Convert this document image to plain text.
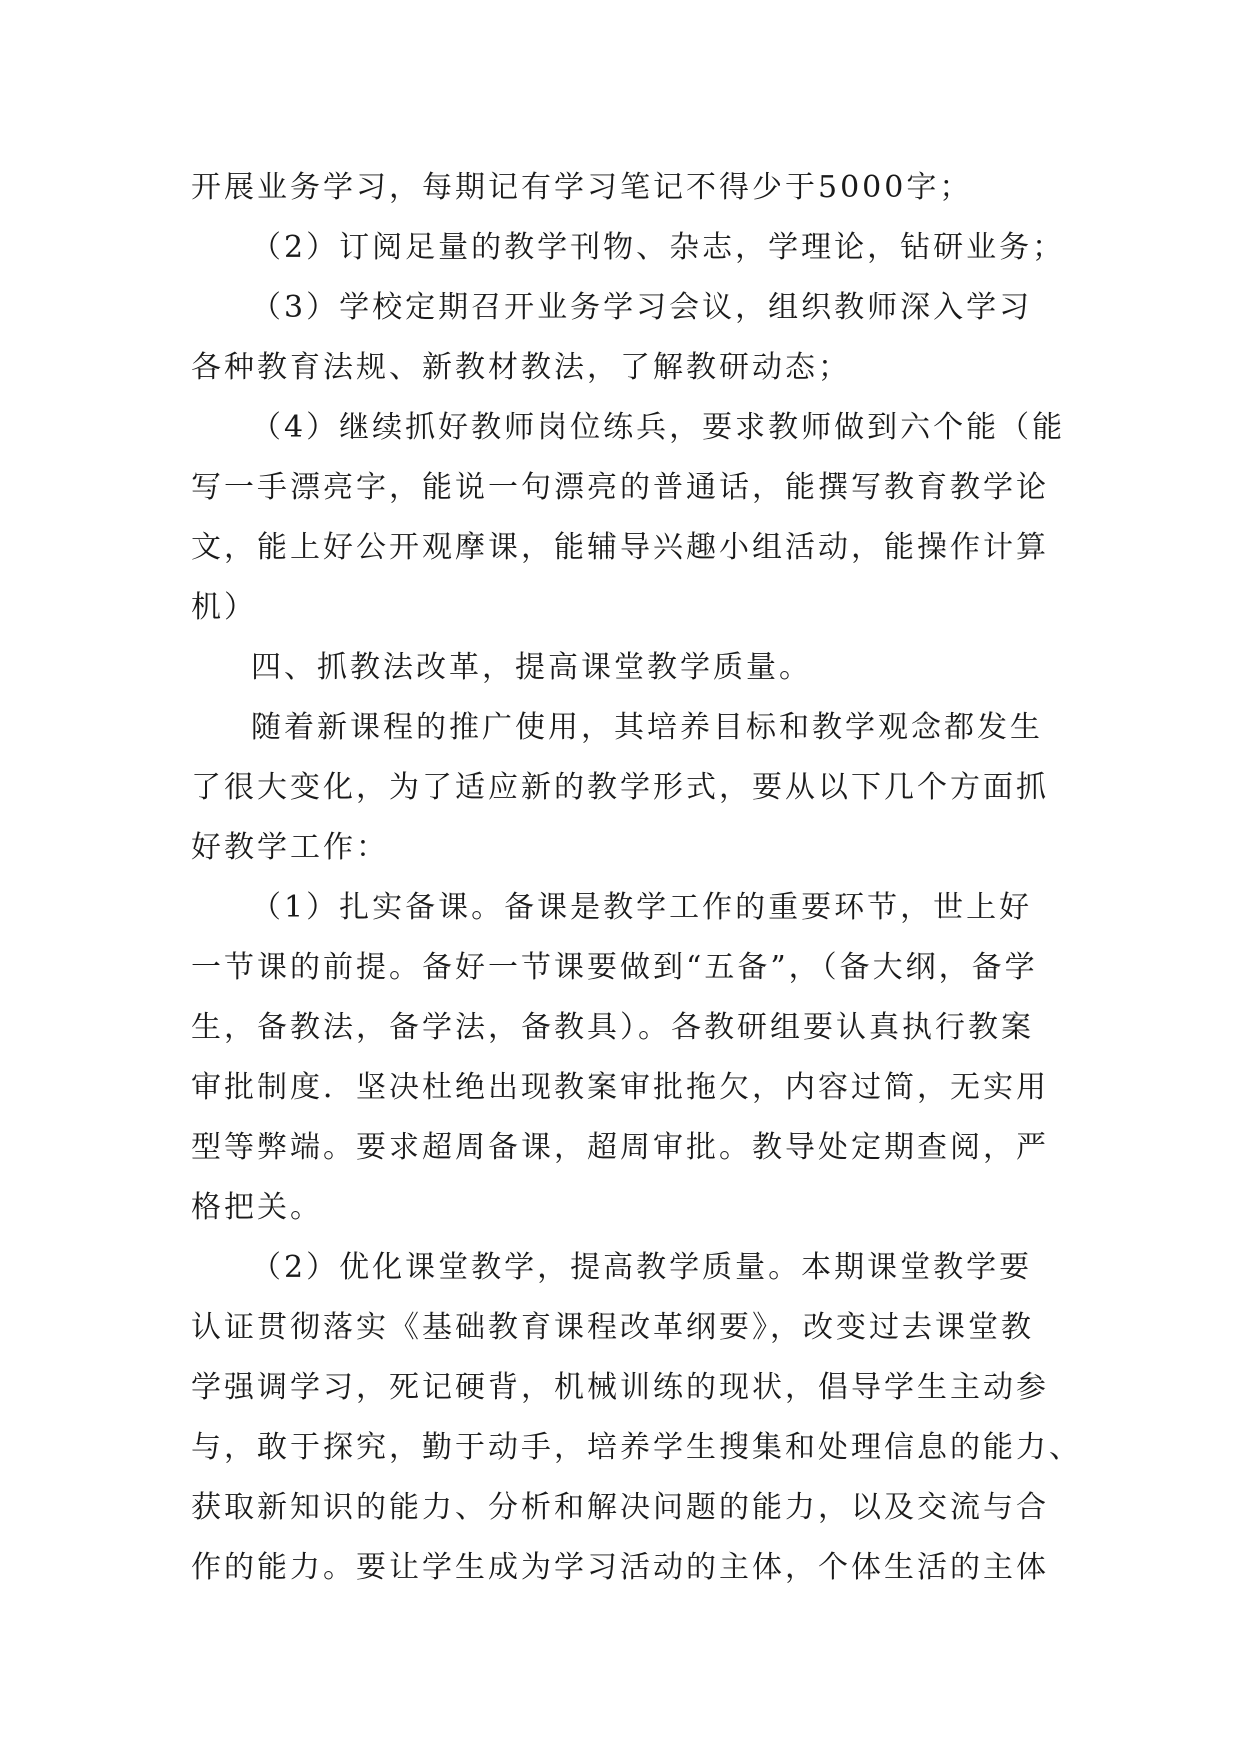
开展业务学习，每期记有学习笔记不得少于5000字；
（2）订阅足量的教学刊物、杂志，学理论，钻研业务；
（3）学校定期召开业务学习会议，组织教师深入学习
各种教育法规、新教材教法，了解教研动态；
（4）继续抓好教师岗位练兵，要求教师做到六个能（能
写一手漂亮字，能说一句漂亮的普通话，能撰写教育教学论
文，能上好公开观摩课，能辅导兴趣小组活动，能操作计算
机）
四、抓教法改革，提高课堂教学质量。
随着新课程的推广使用，其培养目标和教学观念都发生
了很大变化，为了适应新的教学形式，要从以下几个方面抓
好教学工作：
（1）扎实备课。备课是教学工作的重要环节，世上好
一节课的前提。备好一节课要做到“五备”，（备大纲，备学
生，备教法，备学法，备教具）。各教研组要认真执行教案
审批制度．坚决杜绝出现教案审批拖欠，内容过简，无实用
型等弊端。要求超周备课，超周审批。教导处定期查阅，严
格把关。
（2）优化课堂教学，提高教学质量。本期课堂教学要
认证贯彻落实《基础教育课程改革纲要》，改变过去课堂教
学强调学习，死记硬背，机械训练的现状，倡导学生主动参
与，敢于探究，勤于动手，培养学生搜集和处理信息的能力、
获取新知识的能力、分析和解决问题的能力，以及交流与合
作的能力。要让学生成为学习活动的主体，个体生活的主体
